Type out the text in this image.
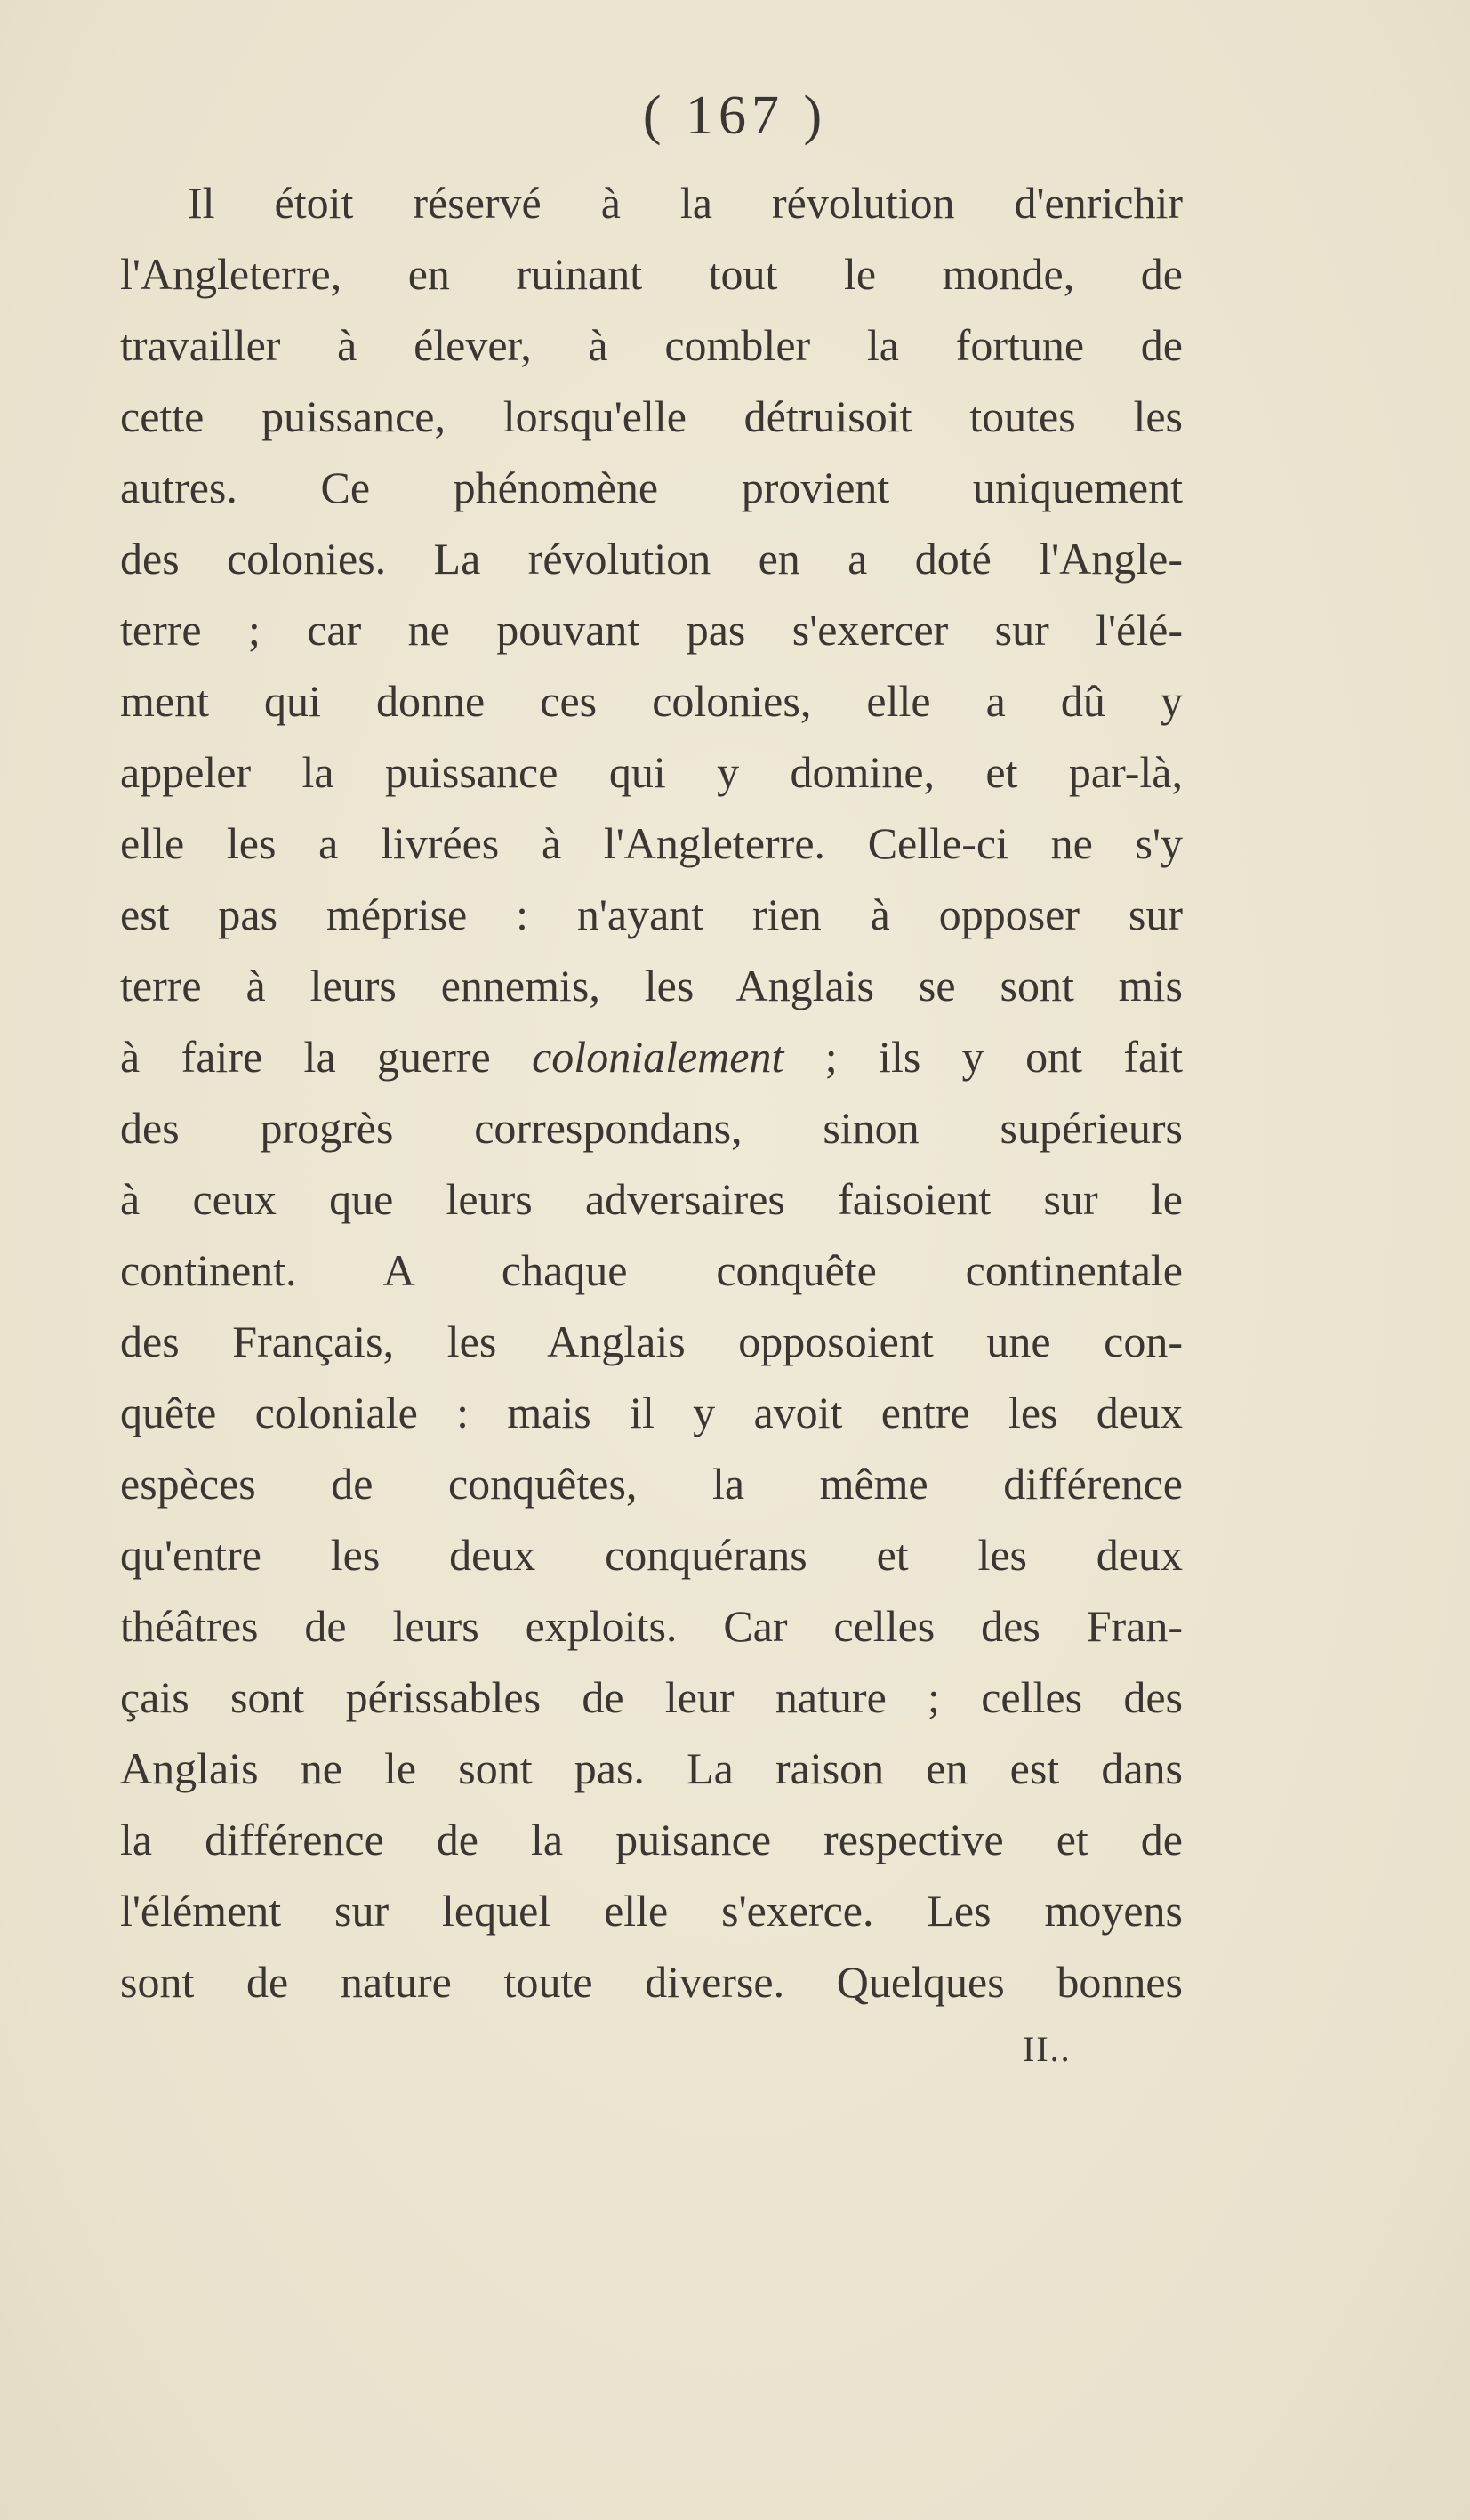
( 167 )
Il étoit réservé à la révolution d'enrichir
l'Angleterre, en ruinant tout le monde, de
travailler à élever, à combler la fortune de
cette puissance, lorsqu'elle détruisoit toutes les
autres. Ce phénomène provient uniquement
des colonies. La révolution en a doté l'Angle-
terre ; car ne pouvant pas s'exercer sur l'élé-
ment qui donne ces colonies, elle a dû y
appeler la puissance qui y domine, et par-là,
elle les a livrées à l'Angleterre. Celle-ci ne s'y
est pas méprise : n'ayant rien à opposer sur
terre à leurs ennemis, les Anglais se sont mis
à faire la guerre colonialement ; ils y ont fait
des progrès correspondans, sinon supérieurs
à ceux que leurs adversaires faisoient sur le
continent. A chaque conquête continentale
des Français, les Anglais opposoient une con-
quête coloniale : mais il y avoit entre les deux
espèces de conquêtes, la même différence
qu'entre les deux conquérans et les deux
théâtres de leurs exploits. Car celles des Fran-
çais sont périssables de leur nature ; celles des
Anglais ne le sont pas. La raison en est dans
la différence de la puisance respective et de
l'élément sur lequel elle s'exerce. Les moyens
sont de nature toute diverse. Quelques bonnes
II..
